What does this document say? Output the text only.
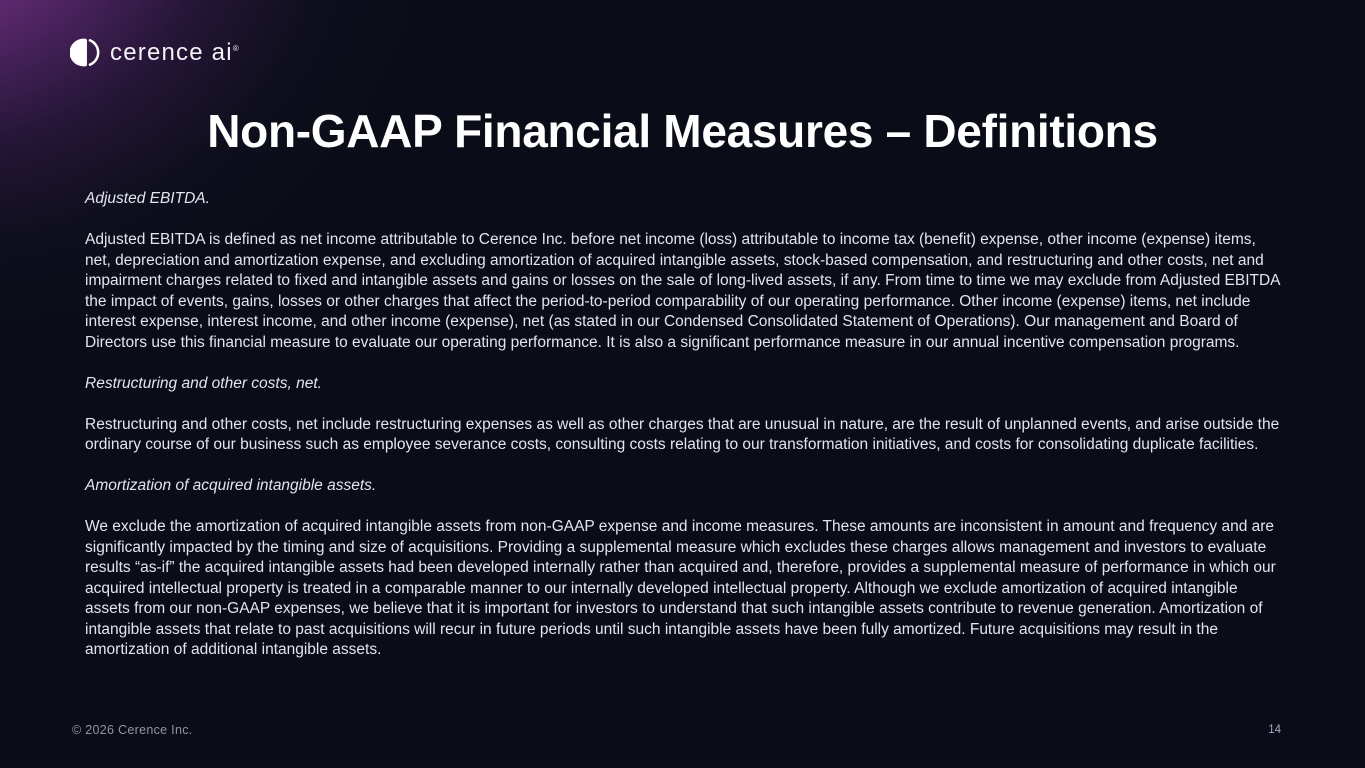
cerence ai®
Non-GAAP Financial Measures – Definitions

Adjusted EBITDA.

Adjusted EBITDA is defined as net income attributable to Cerence Inc. before net income (loss) attributable to income tax (benefit) expense, other income (expense) items, net, depreciation and amortization expense, and excluding amortization of acquired intangible assets, stock-based compensation, and restructuring and other costs, net and impairment charges related to fixed and intangible assets and gains or losses on the sale of long-lived assets, if any. From time to time we may exclude from Adjusted EBITDA the impact of events, gains, losses or other charges that affect the period-to-period comparability of our operating performance. Other income (expense) items, net include interest expense, interest income, and other income (expense), net (as stated in our Condensed Consolidated Statement of Operations). Our management and Board of Directors use this financial measure to evaluate our operating performance. It is also a significant performance measure in our annual incentive compensation programs.

Restructuring and other costs, net.

Restructuring and other costs, net include restructuring expenses as well as other charges that are unusual in nature, are the result of unplanned events, and arise outside the ordinary course of our business such as employee severance costs, consulting costs relating to our transformation initiatives, and costs for consolidating duplicate facilities.

Amortization of acquired intangible assets.

We exclude the amortization of acquired intangible assets from non-GAAP expense and income measures. These amounts are inconsistent in amount and frequency and are significantly impacted by the timing and size of acquisitions. Providing a supplemental measure which excludes these charges allows management and investors to evaluate results “as-if” the acquired intangible assets had been developed internally rather than acquired and, therefore, provides a supplemental measure of performance in which our acquired intellectual property is treated in a comparable manner to our internally developed intellectual property. Although we exclude amortization of acquired intangible assets from our non-GAAP expenses, we believe that it is important for investors to understand that such intangible assets contribute to revenue generation. Amortization of intangible assets that relate to past acquisitions will recur in future periods until such intangible assets have been fully amortized. Future acquisitions may result in the amortization of additional intangible assets.

© 2026 Cerence Inc.	14
